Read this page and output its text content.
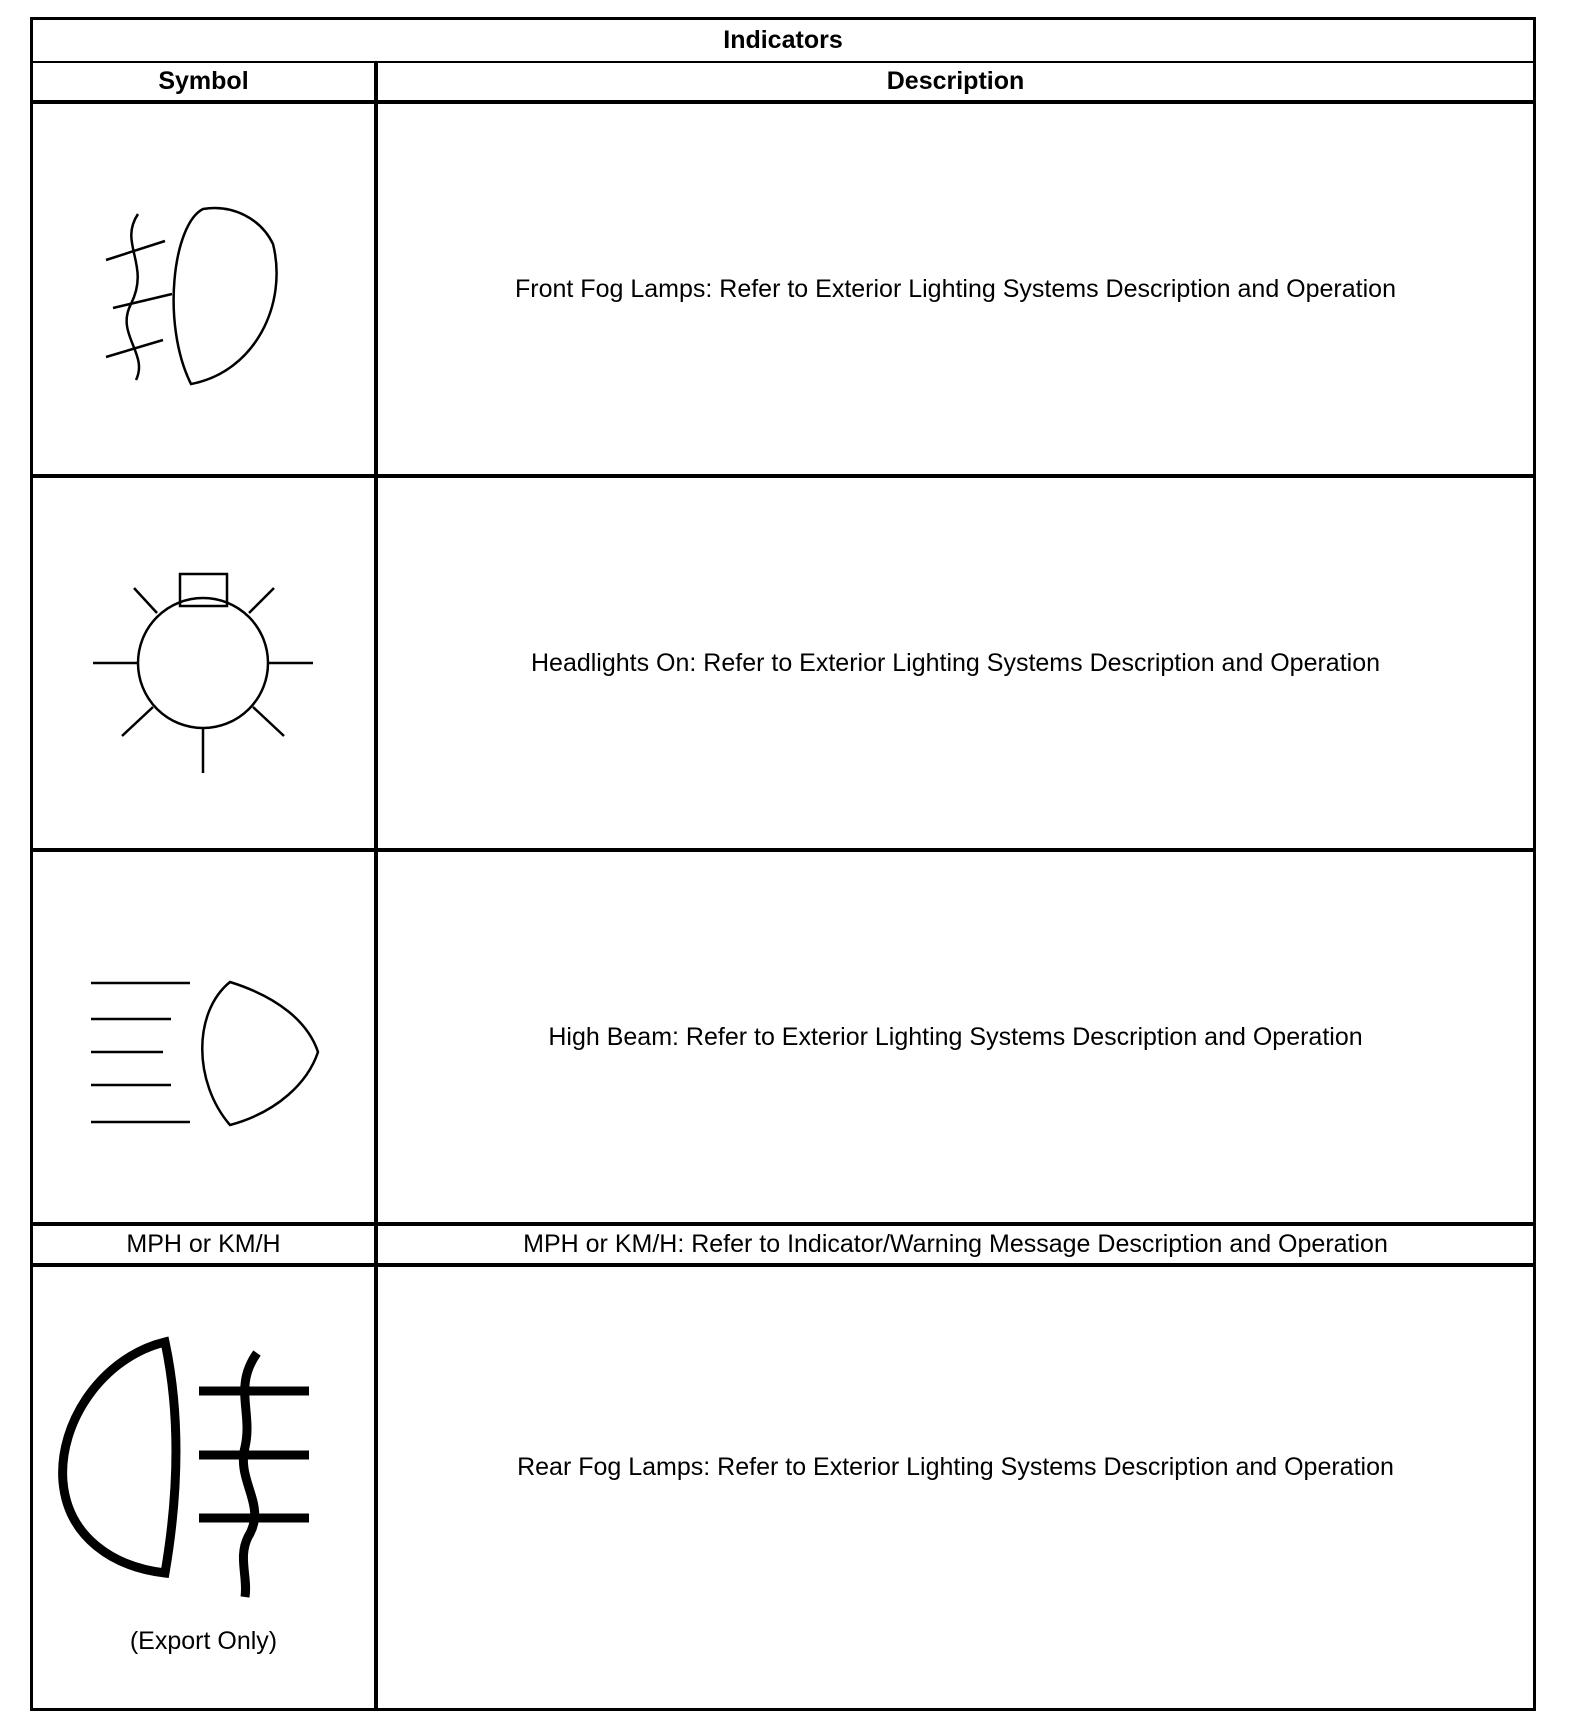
Indicators
Symbol	Description
Front Fog Lamps: Refer to Exterior Lighting Systems Description and Operation
Headlights On: Refer to Exterior Lighting Systems Description and Operation
High Beam: Refer to Exterior Lighting Systems Description and Operation
MPH or KM/H	MPH or KM/H: Refer to Indicator/Warning Message Description and Operation
(Export Only)
Rear Fog Lamps: Refer to Exterior Lighting Systems Description and Operation
